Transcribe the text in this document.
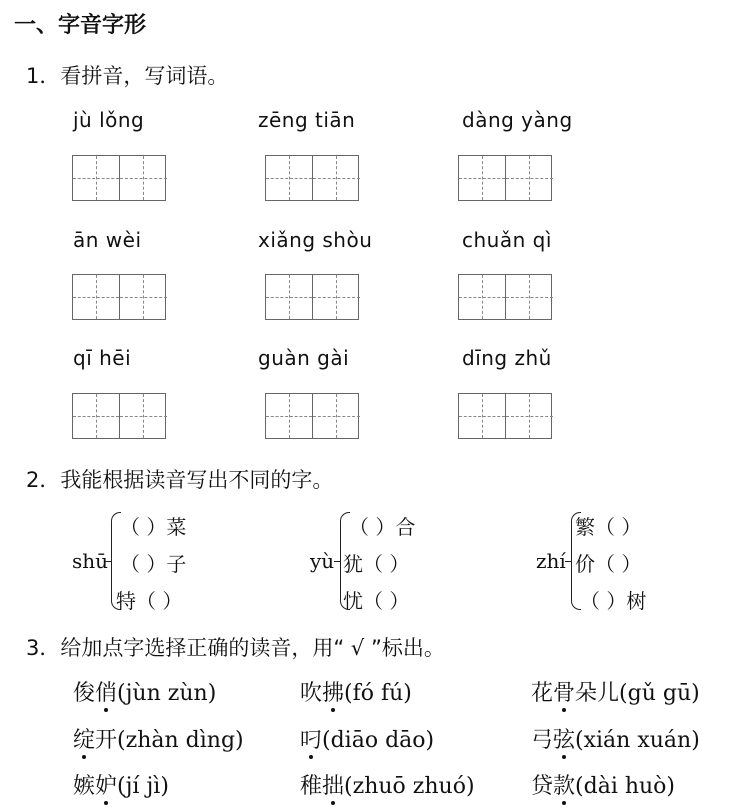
一、字音字形
1．看拼音，写词语。
jù lǒng	zēng tiān	dàng yàng
ān wèi	xiǎng shòu	chuǎn qì
qī hēi	guàn gài	dīng zhǔ
2．我能根据读音写出不同的字。
shū
（ ）菜
（ ）子
特（ ）
yù
（ ）合
犹（ ）
忧（ ）
zhí
繁（ ）
价（ ）
（ ）树
3．给加点字选择正确的读音，用“ √ ”标出。
俊俏(jùn zùn)	吹拂(fó fú)	花骨朵儿(gǔ gū)
绽开(zhàn dìng)	叼(diāo dāo)	弓弦(xián xuán)
嫉妒(jí jì)	稚拙(zhuō zhuó)	贷款(dài huò)
